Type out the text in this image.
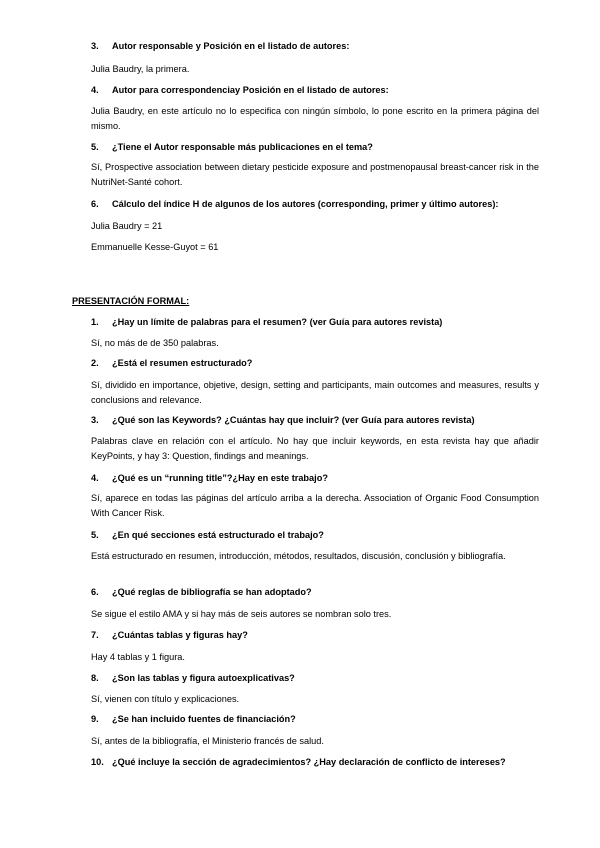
3. Autor responsable y Posición en el listado de autores:
Julia Baudry, la primera.
4. Autor para correspondenciay Posición en el listado de autores:
Julia Baudry, en este artículo no lo especifica con ningún símbolo, lo pone escrito en la primera página del mismo.
5. ¿Tiene el Autor responsable más publicaciones en el tema?
Sí, Prospective association between dietary pesticide exposure and postmenopausal breast-cancer risk in the NutriNet-Santé cohort.
6. Cálculo del índice H de algunos de los autores (corresponding, primer y último autores):
Julia Baudry = 21
Emmanuelle Kesse-Guyot = 61
PRESENTACIÓN FORMAL:
1. ¿Hay un límite de palabras para el resumen? (ver Guía para autores revista)
Sí, no más de de 350 palabras.
2. ¿Está el resumen estructurado?
Sí, dividido en importance, objetive, design, setting and participants, main outcomes and measures, results y conclusions and relevance.
3. ¿Qué son las Keywords? ¿Cuántas hay que incluir? (ver Guía para autores revista)
Palabras clave en relación con el artículo. No hay que incluir keywords, en esta revista hay que añadir KeyPoints, y hay 3: Question, findings and meanings.
4. ¿Qué es un “running title”?¿Hay en este trabajo?
Sí, aparece en todas las páginas del artículo arriba a la derecha. Association of Organic Food Consumption With Cancer Risk.
5. ¿En qué secciones está estructurado el trabajo?
Está estructurado en resumen, introducción, métodos, resultados, discusión, conclusión y bibliografía.
6. ¿Qué reglas de bibliografía se han adoptado?
Se sigue el estilo AMA y si hay más de seis autores se nombran solo tres.
7. ¿Cuántas tablas y figuras hay?
Hay 4 tablas y 1 figura.
8. ¿Son las tablas y figura autoexplicativas?
Sí, vienen con título y explicaciones.
9. ¿Se han incluido fuentes de financiación?
Sí, antes de la bibliografía, el Ministerio francés de salud.
10. ¿Qué incluye la sección de agradecimientos? ¿Hay declaración de conflicto de intereses?
